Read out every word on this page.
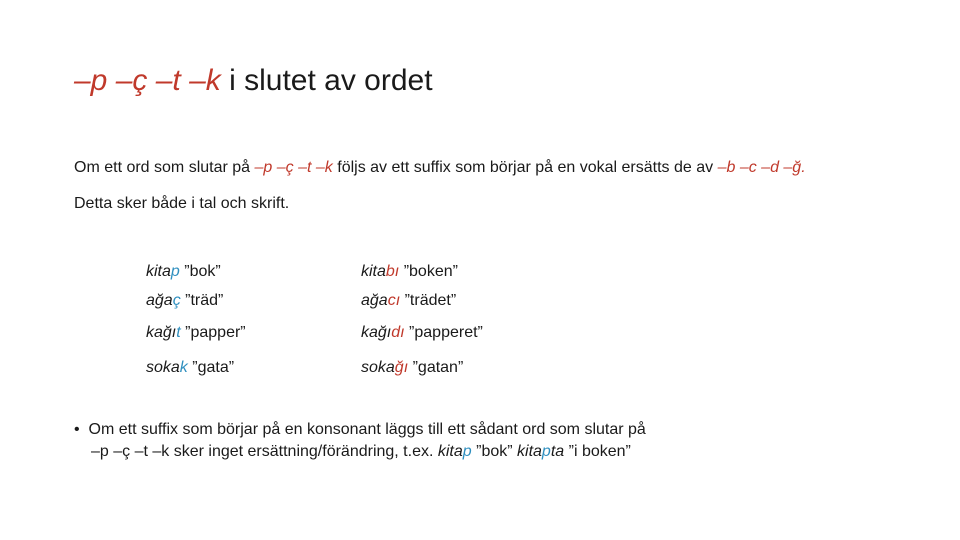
–p –ç –t –k i slutet av ordet
Om ett ord som slutar på –p –ç –t –k följs av ett suffix som börjar på en vokal ersätts de av –b –c –d –ğ.
Detta sker både i tal och skrift.
kitap ”bok”	kitabı ”boken”
ağaç ”träd”	ağacı ”trädet”
kağıt ”papper”	kağıdı ”papperet”
sokak ”gata”	sokağı ”gatan”
• Om ett suffix som börjar på en konsonant läggs till ett sådant ord som slutar på
–p –ç –t –k sker inget ersättning/förändring, t.ex. kitap ”bok” kitapta ”i boken”
